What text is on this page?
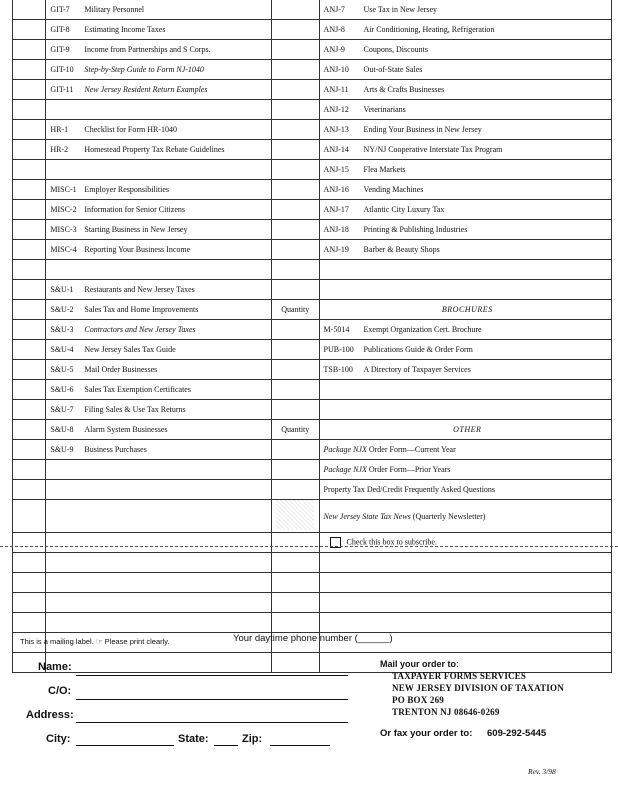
	GIT-7 Military Personnel		ANJ-7 Use Tax in New Jersey
	GIT-8 Estimating Income Taxes		ANJ-8 Air Conditioning, Heating, Refrigeration
	GIT-9 Income from Partnerships and S Corps.		ANJ-9 Coupons, Discounts
	GIT-10 Step-by-Step Guide to Form NJ-1040		ANJ-10 Out-of-State Sales
	GIT-11 New Jersey Resident Return Examples		ANJ-11 Arts & Crafts Businesses
			ANJ-12 Veterinarians
	HR-1 Checklist for Form HR-1040		ANJ-13 Ending Your Business in New Jersey
	HR-2 Homestead Property Tax Rebate Guidelines		ANJ-14 NY/NJ Cooperative Interstate Tax Program
			ANJ-15 Flea Markets
	MISC-1 Employer Responsibilities		ANJ-16 Vending Machines
	MISC-2 Information for Senior Citizens		ANJ-17 Atlantic City Luxury Tax
	MISC-3 Starting Business in New Jersey		ANJ-18 Printing & Publishing Industries
	MISC-4 Reporting Your Business Income		ANJ-19 Barber & Beauty Shops

	S&U-1 Restaurants and New Jersey Taxes		
	S&U-2 Sales Tax and Home Improvements	Quantity	BROCHURES
	S&U-3 Contractors and New Jersey Taxes		M-5014 Exempt Organization Cert. Brochure
	S&U-4 New Jersey Sales Tax Guide		PUB-100 Publications Guide & Order Form
	S&U-5 Mail Order Businesses		TSB-100 A Directory of Taxpayer Services
	S&U-6 Sales Tax Exemption Certificates		
	S&U-7 Filing Sales & Use Tax Returns		
	S&U-8 Alarm System Businesses	Quantity	OTHER
	S&U-9 Business Purchases		Package NJX Order Form—Current Year
			Package NJX Order Form—Prior Years
			Property Tax Ded/Credit Frequently Asked Questions
			New Jersey State Tax News (Quarterly Newsletter)
			Check this box to subscribe.

This is a mailing label. ☞ Please print clearly.	Your daytime phone number (______)
Name:
C/O:
Address:
City:	State:	Zip:
Mail your order to:
TAXPAYER FORMS SERVICES
NEW JERSEY DIVISION OF TAXATION
PO BOX 269
TRENTON NJ 08646-0269
Or fax your order to: 609-292-5445
Rev. 3/98
